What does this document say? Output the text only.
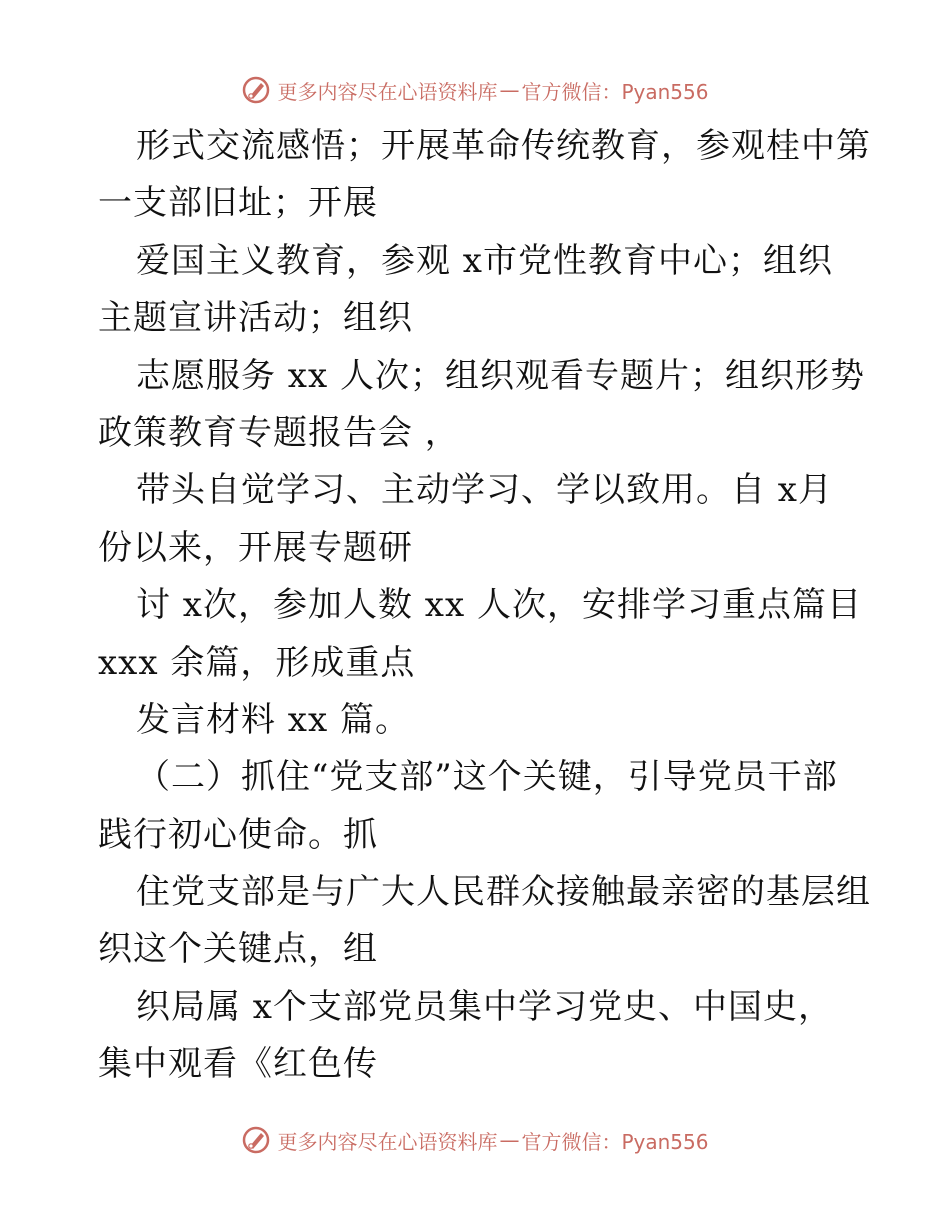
更多内容尽在心语资料库 — 官方微信：Pyan556
形式交流感悟；开展革命传统教育，参观桂中第
一支部旧址；开展
爱国主义教育，参观 x市党性教育中心；组织
主题宣讲活动；组织
志愿服务 xx 人次；组织观看专题片；组织形势
政策教育专题报告会 ，
带头自觉学习、主动学习、学以致用。自 x月
份以来，开展专题研
讨 x次，参加人数 xx 人次，安排学习重点篇目
xxx 余篇，形成重点
发言材料 xx 篇。
（二）抓住“党支部”这个关键，引导党员干部
践行初心使命。抓
住党支部是与广大人民群众接触最亲密的基层组
织这个关键点，组
织局属 x个支部党员集中学习党史、中国史，
集中观看《红色传
更多内容尽在心语资料库 — 官方微信：Pyan556
